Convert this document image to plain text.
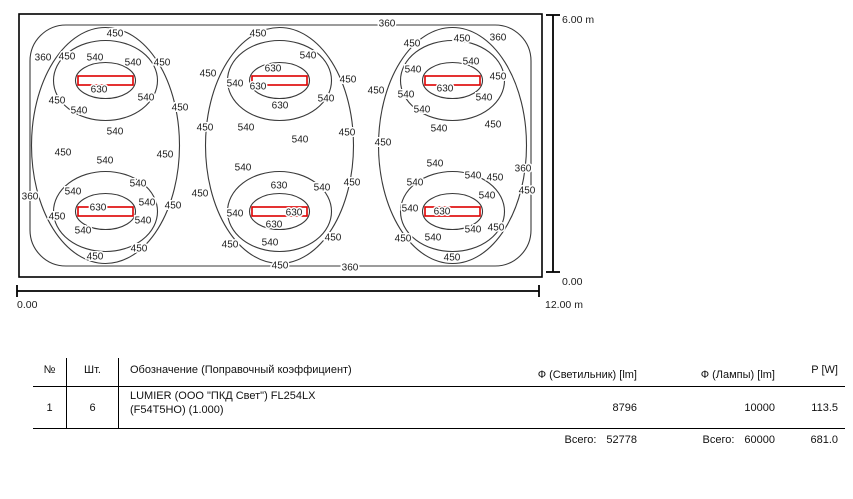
450
360 450 540 540 450
630
450
540
540
450
540	450 540
450
630
450
540 630
630
540
540
540
450
450
450
450
360
450	450 360
540
540
630
540
450
540
540
540	450
360
450
450
540
450
360	540
540
540 450
450
630
540
540
450
450
450
540
630
540	630
630
450 540
450	360
450
540 450
540
540 450
540
540
540 630
450 540
540 450
450
6.00 m
0.00
0.00	12.00 m
№	Шт.	Обозначение (Поправочный коэффициент)	Ф (Светильник) [lm]	Ф (Лампы) [lm]	P [W]
1	6
LUMIER (ООО "ПКД Свет") FL254LX
(F54T5HO) (1.000)	8796	10000	113.5
Всего: 52778	Всего: 60000	681.0
